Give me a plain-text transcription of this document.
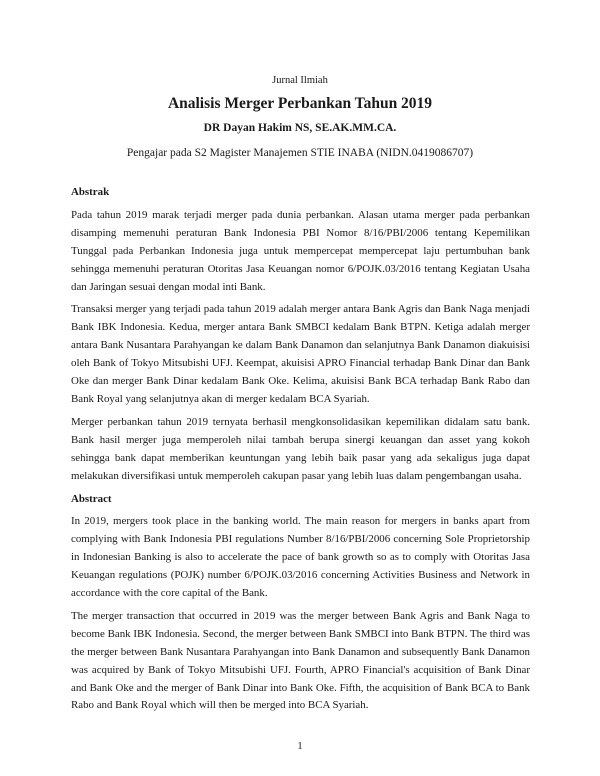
Jurnal Ilmiah
Analisis Merger Perbankan Tahun 2019
DR Dayan Hakim NS, SE.AK.MM.CA.
Pengajar pada S2 Magister Manajemen STIE INABA (NIDN.0419086707)
Abstrak

Pada tahun 2019 marak terjadi merger pada dunia perbankan. Alasan utama merger pada perbankan disamping memenuhi peraturan Bank Indonesia PBI Nomor 8/16/PBI/2006 tentang Kepemilikan Tunggal pada Perbankan Indonesia juga untuk mempercepat mempercepat laju pertumbuhan bank sehingga memenuhi peraturan Otoritas Jasa Keuangan nomor 6/POJK.03/2016 tentang Kegiatan Usaha dan Jaringan sesuai dengan modal inti Bank.

Transaksi merger yang terjadi pada tahun 2019 adalah merger antara Bank Agris dan Bank Naga menjadi Bank IBK Indonesia. Kedua, merger antara Bank SMBCI kedalam Bank BTPN. Ketiga adalah merger antara Bank Nusantara Parahyangan ke dalam Bank Danamon dan selanjutnya Bank Danamon diakuisisi oleh Bank of Tokyo Mitsubishi UFJ. Keempat, akuisisi APRO Financial terhadap Bank Dinar dan Bank Oke dan merger Bank Dinar kedalam Bank Oke. Kelima, akuisisi Bank BCA terhadap Bank Rabo dan Bank Royal yang selanjutnya akan di merger kedalam BCA Syariah.

Merger perbankan tahun 2019 ternyata berhasil mengkonsolidasikan kepemilikan didalam satu bank. Bank hasil merger juga memperoleh nilai tambah berupa sinergi keuangan dan asset yang kokoh sehingga bank dapat memberikan keuntungan yang lebih baik pasar yang ada sekaligus juga dapat melakukan diversifikasi untuk memperoleh cakupan pasar yang lebih luas dalam pengembangan usaha.

Abstract

In 2019, mergers took place in the banking world. The main reason for mergers in banks apart from complying with Bank Indonesia PBI regulations Number 8/16/PBI/2006 concerning Sole Proprietorship in Indonesian Banking is also to accelerate the pace of bank growth so as to comply with Otoritas Jasa Keuangan regulations (POJK) number 6/POJK.03/2016 concerning Activities Business and Network in accordance with the core capital of the Bank.

The merger transaction that occurred in 2019 was the merger between Bank Agris and Bank Naga to become Bank IBK Indonesia. Second, the merger between Bank SMBCI into Bank BTPN. The third was the merger between Bank Nusantara Parahyangan into Bank Danamon and subsequently Bank Danamon was acquired by Bank of Tokyo Mitsubishi UFJ. Fourth, APRO Financial's acquisition of Bank Dinar and Bank Oke and the merger of Bank Dinar into Bank Oke. Fifth, the acquisition of Bank BCA to Bank Rabo and Bank Royal which will then be merged into BCA Syariah.

1
